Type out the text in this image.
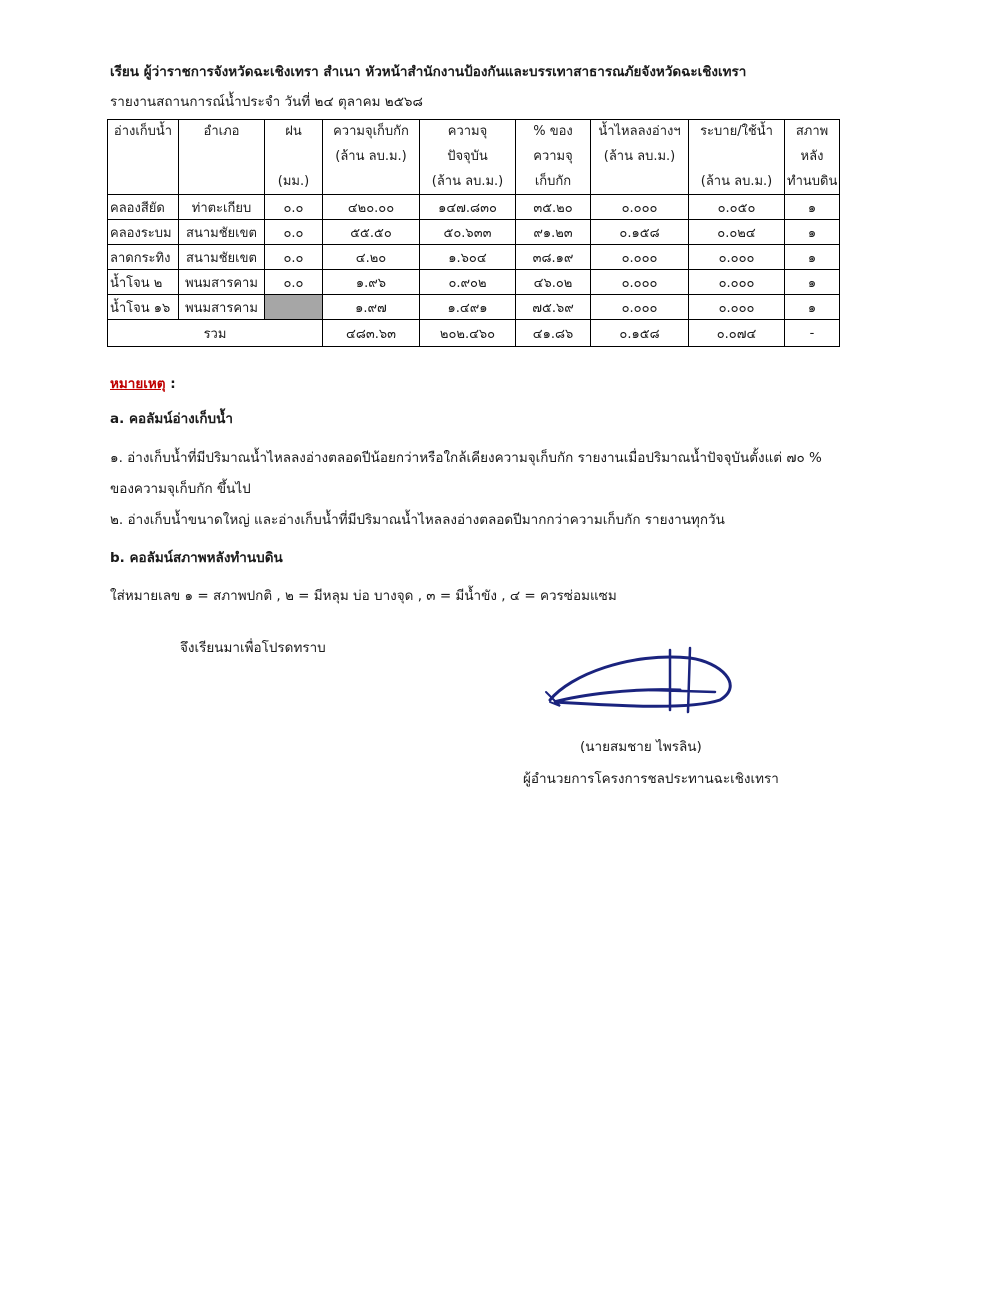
เรียน ผู้ว่าราชการจังหวัดฉะเชิงเทรา สำเนา หัวหน้าสำนักงานป้องกันและบรรเทาสาธารณภัยจังหวัดฉะเชิงเทรา
รายงานสถานการณ์น้ำประจำ วันที่ ๒๔ ตุลาคม ๒๕๖๘
อ่างเก็บน้ำ	อำเภอ	ฝน	ความจุเก็บกัก	ความจุ	% ของ	น้ำไหลลงอ่างฯ	ระบาย/ใช้น้ำ	สภาพ
			(ล้าน ลบ.ม.)	ปัจจุบัน	ความจุ	(ล้าน ลบ.ม.)		หลัง
		(มม.)		(ล้าน ลบ.ม.)	เก็บกัก		(ล้าน ลบ.ม.)	ทำนบดิน
คลองสียัด	ท่าตะเกียบ	๐.๐	๔๒๐.๐๐	๑๔๗.๘๓๐	๓๕.๒๐	๐.๐๐๐	๐.๐๕๐	๑
คลองระบม	สนามชัยเขต	๐.๐	๕๕.๕๐	๕๐.๖๓๓	๙๑.๒๓	๐.๑๕๘	๐.๐๒๔	๑
ลาดกระทิง	สนามชัยเขต	๐.๐	๔.๒๐	๑.๖๐๔	๓๘.๑๙	๐.๐๐๐	๐.๐๐๐	๑
น้ำโจน ๒	พนมสารคาม	๐.๐	๑.๙๖	๐.๙๐๒	๔๖.๐๒	๐.๐๐๐	๐.๐๐๐	๑
น้ำโจน ๑๖	พนมสารคาม		๑.๙๗	๑.๔๙๑	๗๕.๖๙	๐.๐๐๐	๐.๐๐๐	๑
รวม			๔๘๓.๖๓	๒๐๒.๔๖๐	๔๑.๘๖	๐.๑๕๘	๐.๐๗๔	-
หมายเหตุ :
a. คอลัมน์อ่างเก็บน้ำ
๑. อ่างเก็บน้ำที่มีปริมาณน้ำไหลลงอ่างตลอดปีน้อยกว่าหรือใกล้เคียงความจุเก็บกัก รายงานเมื่อปริมาณน้ำปัจจุบันตั้งแต่ ๗๐ %
ของความจุเก็บกัก ขึ้นไป
๒. อ่างเก็บน้ำขนาดใหญ่ และอ่างเก็บน้ำที่มีปริมาณน้ำไหลลงอ่างตลอดปีมากกว่าความเก็บกัก รายงานทุกวัน
b. คอลัมน์สภาพหลังทำนบดิน
ใส่หมายเลข ๑ = สภาพปกติ , ๒ = มีหลุม บ่อ บางจุด , ๓ = มีน้ำขัง , ๔ = ควรซ่อมแซม
จึงเรียนมาเพื่อโปรดทราบ
(นายสมชาย ไพรลิน)
ผู้อำนวยการโครงการชลประทานฉะเชิงเทรา
